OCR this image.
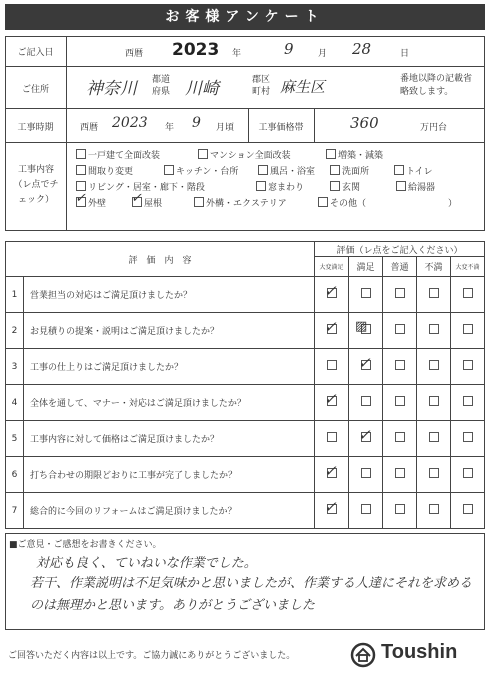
お客様アンケート
ご記入日	西暦 2023 年	9	月 28	日
ご住所	神奈川 都道府県 川崎	郡区町村 麻生区	番地以降の記載省略致します。
工事時期	西暦 2023 年 9 月頃	工事価格帯	360	万円台
工事内容（レ点でチェック）
一戸建て全面改装	マンション全面改装	増築・減築
間取り変更	キッチン・台所	風呂・浴室	洗面所	トイレ
リビング・居室・廊下・階段	窓まわり	玄関	給湯器
✓ 外壁 ✓ 屋根	外構・エクステリア	その他（	）
評　価　内　容		評価（レ点をご記入ください）				
		大変満足	満足	普通	不満	大変不満
1	営業担当の対応はご満足頂けましたか？	✓				

2	お見積りの提案・説明はご満足頂けましたか？	✓	▨			

3	工事の仕上りはご満足頂けましたか？		✓			

4	全体を通して、マナー・対応はご満足頂けましたか？	✓				

5	工事内容に対して価格はご満足頂けましたか？		✓			

6	打ち合わせの期限どおりに工事が完了しましたか？	✓				

7	総合的に今回のリフォームはご満足頂けましたか？	✓				

■ご意見・ご感想をお書きください。
対応も良く、ていねいな作業でした。
若干、作業説明は不足気味かと思いましたが、作業する人達にそれを求めるのは無理かと思います。ありがとうございました
ご回答いただく内容は以上です。ご協力誠にありがとうございました。	Toushin
